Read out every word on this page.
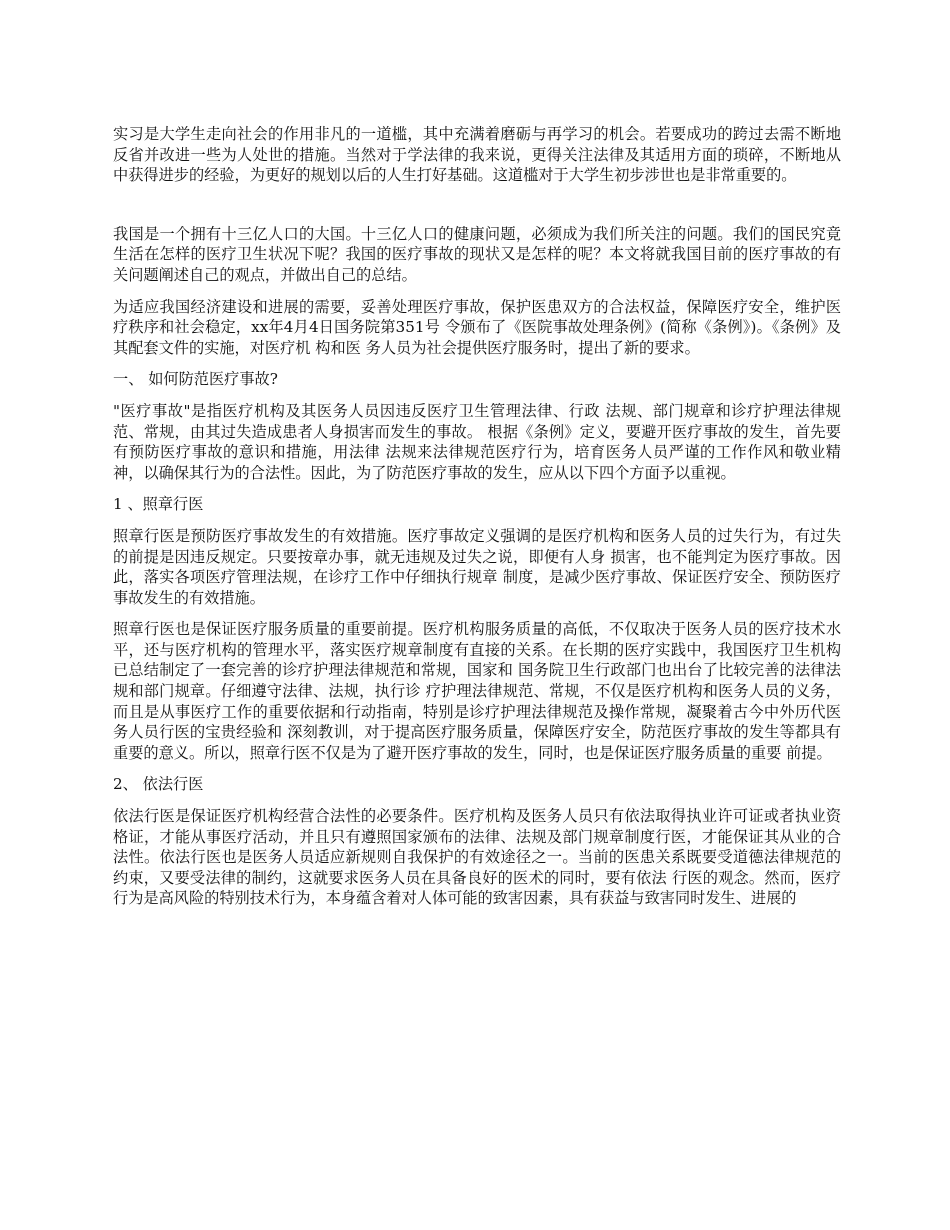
实习是大学生走向社会的作用非凡的一道槛，其中充满着磨砺与再学习的机会。若要成功的跨过去需不断地反省并改进一些为人处世的措施。当然对于学法律的我来说，更得关注法律及其适用方面的琐碎，不断地从中获得进步的经验，为更好的规划以后的人生打好基础。这道槛对于大学生初步涉世也是非常重要的。

我国是一个拥有十三亿人口的大国。十三亿人口的健康问题，必须成为我们所关注的问题。我们的国民究竟生活在怎样的医疗卫生状况下呢？我国的医疗事故的现状又是怎样的呢？本文将就我国目前的医疗事故的有关问题阐述自己的观点，并做出自己的总结。

为适应我国经济建设和进展的需要，妥善处理医疗事故，保护医患双方的合法权益，保障医疗安全，维护医疗秩序和社会稳定，xx年4月4日国务院第351号 令颁布了《医院事故处理条例》(简称《条例》)。《条例》及其配套文件的实施，对医疗机 构和医 务人员为社会提供医疗服务时，提出了新的要求。

一、 如何防范医疗事故?

"医疗事故"是指医疗机构及其医务人员因违反医疗卫生管理法律、行政 法规、部门规章和诊疗护理法律规范、常规，由其过失造成患者人身损害而发生的事故。 根据《条例》定义，要避开医疗事故的发生，首先要有预防医疗事故的意识和措施，用法律 法规来法律规范医疗行为，培育医务人员严谨的工作作风和敬业精神，以确保其行为的合法性。因此，为了防范医疗事故的发生，应从以下四个方面予以重视。

1 、照章行医

照章行医是预防医疗事故发生的有效措施。医疗事故定义强调的是医疗机构和医务人员的过失行为，有过失的前提是因违反规定。只要按章办事，就无违规及过失之说，即便有人身 损害，也不能判定为医疗事故。因此，落实各项医疗管理法规，在诊疗工作中仔细执行规章 制度，是减少医疗事故、保证医疗安全、预防医疗事故发生的有效措施。

照章行医也是保证医疗服务质量的重要前提。医疗机构服务质量的高低，不仅取决于医务人员的医疗技术水平，还与医疗机构的管理水平，落实医疗规章制度有直接的关系。在长期的医疗实践中，我国医疗卫生机构已总结制定了一套完善的诊疗护理法律规范和常规，国家和 国务院卫生行政部门也出台了比较完善的法律法规和部门规章。仔细遵守法律、法规，执行诊 疗护理法律规范、常规，不仅是医疗机构和医务人员的义务，而且是从事医疗工作的重要依据和行动指南，特别是诊疗护理法律规范及操作常规，凝聚着古今中外历代医务人员行医的宝贵经验和 深刻教训，对于提高医疗服务质量，保障医疗安全，防范医疗事故的发生等都具有重要的意义。所以，照章行医不仅是为了避开医疗事故的发生，同时，也是保证医疗服务质量的重要 前提。

2、 依法行医

依法行医是保证医疗机构经营合法性的必要条件。医疗机构及医务人员只有依法取得执业许可证或者执业资格证，才能从事医疗活动，并且只有遵照国家颁布的法律、法规及部门规章制度行医，才能保证其从业的合法性。依法行医也是医务人员适应新规则自我保护的有效途径之一。当前的医患关系既要受道德法律规范的约束，又要受法律的制约，这就要求医务人员在具备良好的医术的同时，要有依法 行医的观念。然而，医疗行为是高风险的特别技术行为，本身蕴含着对人体可能的致害因素，具有获益与致害同时发生、进展的
